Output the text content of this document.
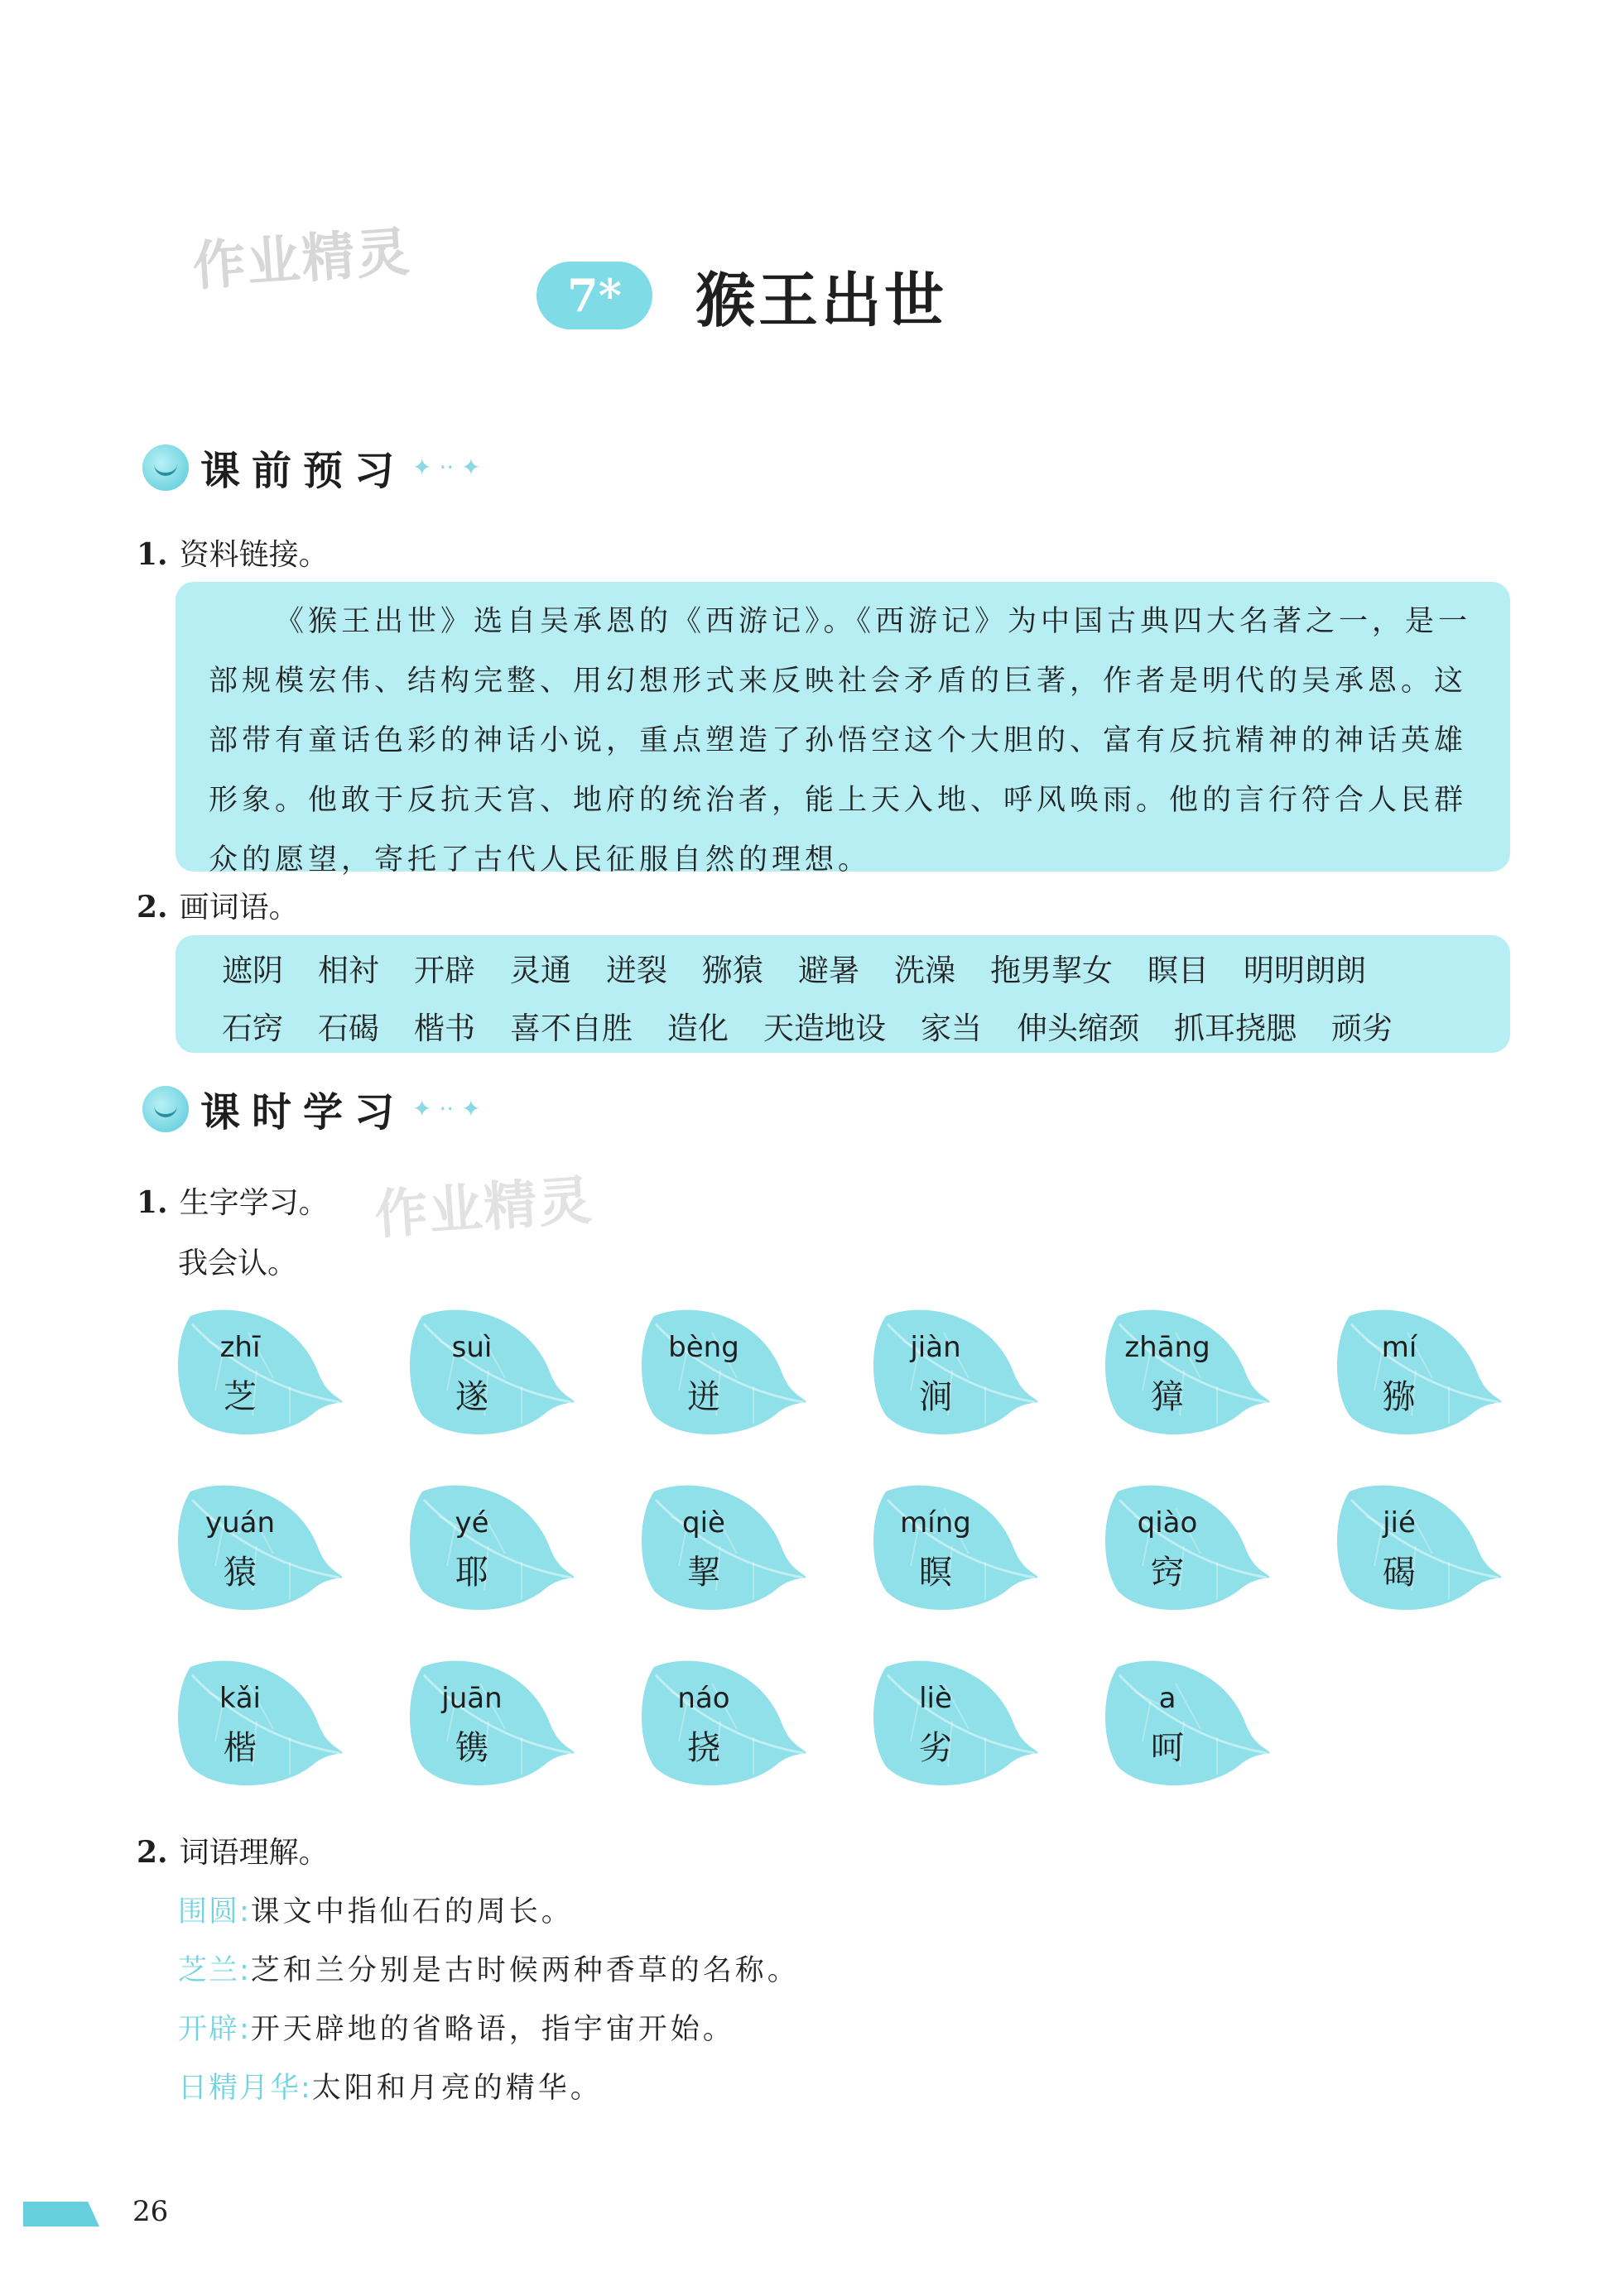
作业精灵
作业精灵
7*	猴王出世
课前预习 ✦ ·· ✦
1. 资料链接。

《猴王出世》选自吴承恩的《西游记》。《西游记》为中国古典四大名著之一，是一部规模宏伟、结构完整、用幻想形式来反映社会矛盾的巨著，作者是明代的吴承恩。这部带有童话色彩的神话小说，重点塑造了孙悟空这个大胆的、富有反抗精神的神话英雄形象。他敢于反抗天宫、地府的统治者，能上天入地、呼风唤雨。他的言行符合人民群众的愿望，寄托了古代人民征服自然的理想。

2. 画词语。
遮阴 相衬 开辟 灵通 迸裂 猕猿 避暑 洗澡 拖男挈女 瞑目 明明朗朗
石窍 石碣 楷书 喜不自胜 造化 天造地设 家当 伸头缩颈 抓耳挠腮 顽劣
课时学习 ✦ ·· ✦
1. 生字学习。
我会认。
zhī
芝
suì
遂
bèng
迸
jiàn
涧
zhāng
獐
mí
猕
yuán
猿
yé
耶
qiè
挈
míng
瞑
qiào
窍
jié
碣
kǎi
楷
juān
镌
náo
挠
liè
劣
a
呵
2. 词语理解。
围圆:课文中指仙石的周长。
芝兰:芝和兰分别是古时候两种香草的名称。
开辟:开天辟地的省略语，指宇宙开始。
日精月华:太阳和月亮的精华。
26
